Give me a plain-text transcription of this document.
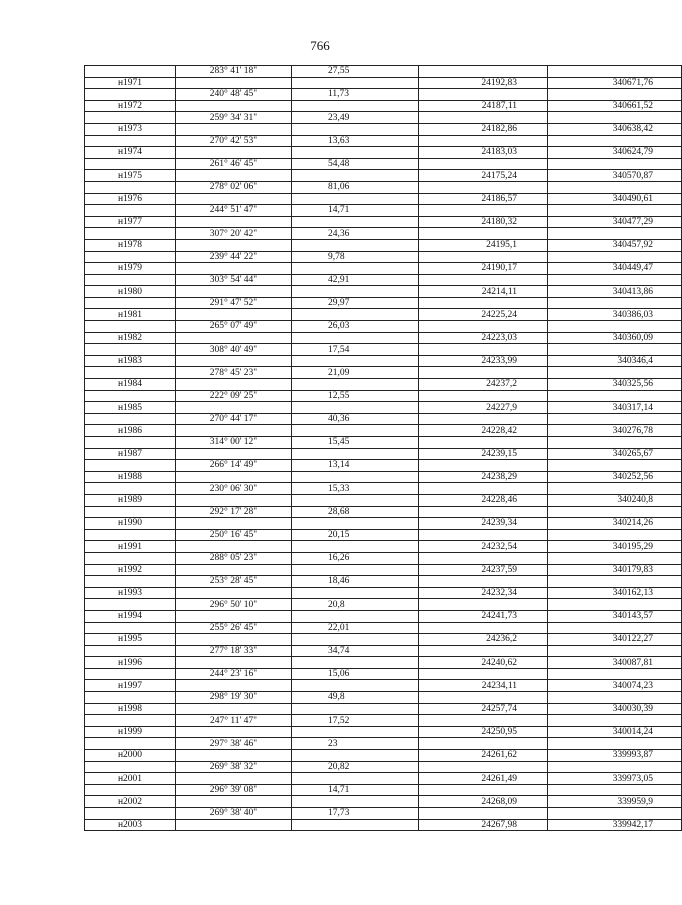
766
	283° 41' 18"	27,55		
н1971			24192,83	340671,76
	240° 48' 45"	11,73		
н1972			24187,11	340661,52
	259° 34' 31"	23,49		
н1973			24182,86	340638,42
	270° 42' 53"	13,63		
н1974			24183,03	340624,79
	261° 46' 45"	54,48		
н1975			24175,24	340570,87
	278° 02' 06"	81,06		
н1976			24186,57	340490,61
	244° 51' 47"	14,71		
н1977			24180,32	340477,29
	307° 20' 42"	24,36		
н1978			24195,1	340457,92
	239° 44' 22"	9,78		
н1979			24190,17	340449,47
	303° 54' 44"	42,91		
н1980			24214,11	340413,86
	291° 47' 52"	29,97		
н1981			24225,24	340386,03
	265° 07' 49"	26,03		
н1982			24223,03	340360,09
	308° 40' 49"	17,54		
н1983			24233,99	340346,4
	278° 45' 23"	21,09		
н1984			24237,2	340325,56
	222° 09' 25"	12,55		
н1985			24227,9	340317,14
	270° 44' 17"	40,36		
н1986			24228,42	340276,78
	314° 00' 12"	15,45		
н1987			24239,15	340265,67
	266° 14' 49"	13,14		
н1988			24238,29	340252,56
	230° 06' 30"	15,33		
н1989			24228,46	340240,8
	292° 17' 28"	28,68		
н1990			24239,34	340214,26
	250° 16' 45"	20,15		
н1991			24232,54	340195,29
	288° 05' 23"	16,26		
н1992			24237,59	340179,83
	253° 28' 45"	18,46		
н1993			24232,34	340162,13
	296° 50' 10"	20,8		
н1994			24241,73	340143,57
	255° 26' 45"	22,01		
н1995			24236,2	340122,27
	277° 18' 33"	34,74		
н1996			24240,62	340087,81
	244° 23' 16"	15,06		
н1997			24234,11	340074,23
	298° 19' 30"	49,8		
н1998			24257,74	340030,39
	247° 11' 47"	17,52		
н1999			24250,95	340014,24
	297° 38' 46"	23		
н2000			24261,62	339993,87
	269° 38' 32"	20,82		
н2001			24261,49	339973,05
	296° 39' 08"	14,71		
н2002			24268,09	339959,9
	269° 38' 40"	17,73		
н2003			24267,98	339942,17
